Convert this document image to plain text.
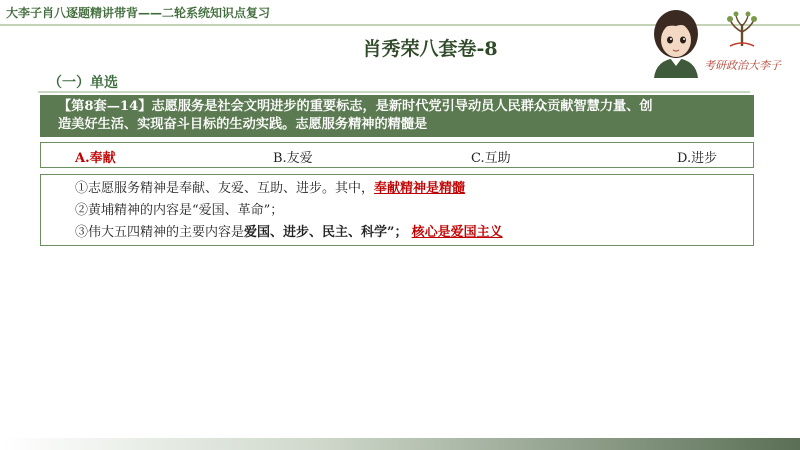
大李子肖八逐题精讲带背——二轮系统知识点复习
肖秀荣八套卷-8
考研政治大李子
（一）单选
【第8套—14】志愿服务是社会文明进步的重要标志，是新时代党引导动员人民群众贡献智慧力量、创
造美好生活、实现奋斗目标的生动实践。志愿服务精神的精髓是
A.奉献	B.友爱	C.互助	D.进步
①志愿服务精神是奉献、友爱、互助、进步。其中，奉献精神是精髓
②黄埔精神的内容是“爱国、革命”；
③伟大五四精神的主要内容是爱国、进步、民主、科学”； 核心是爱国主义
